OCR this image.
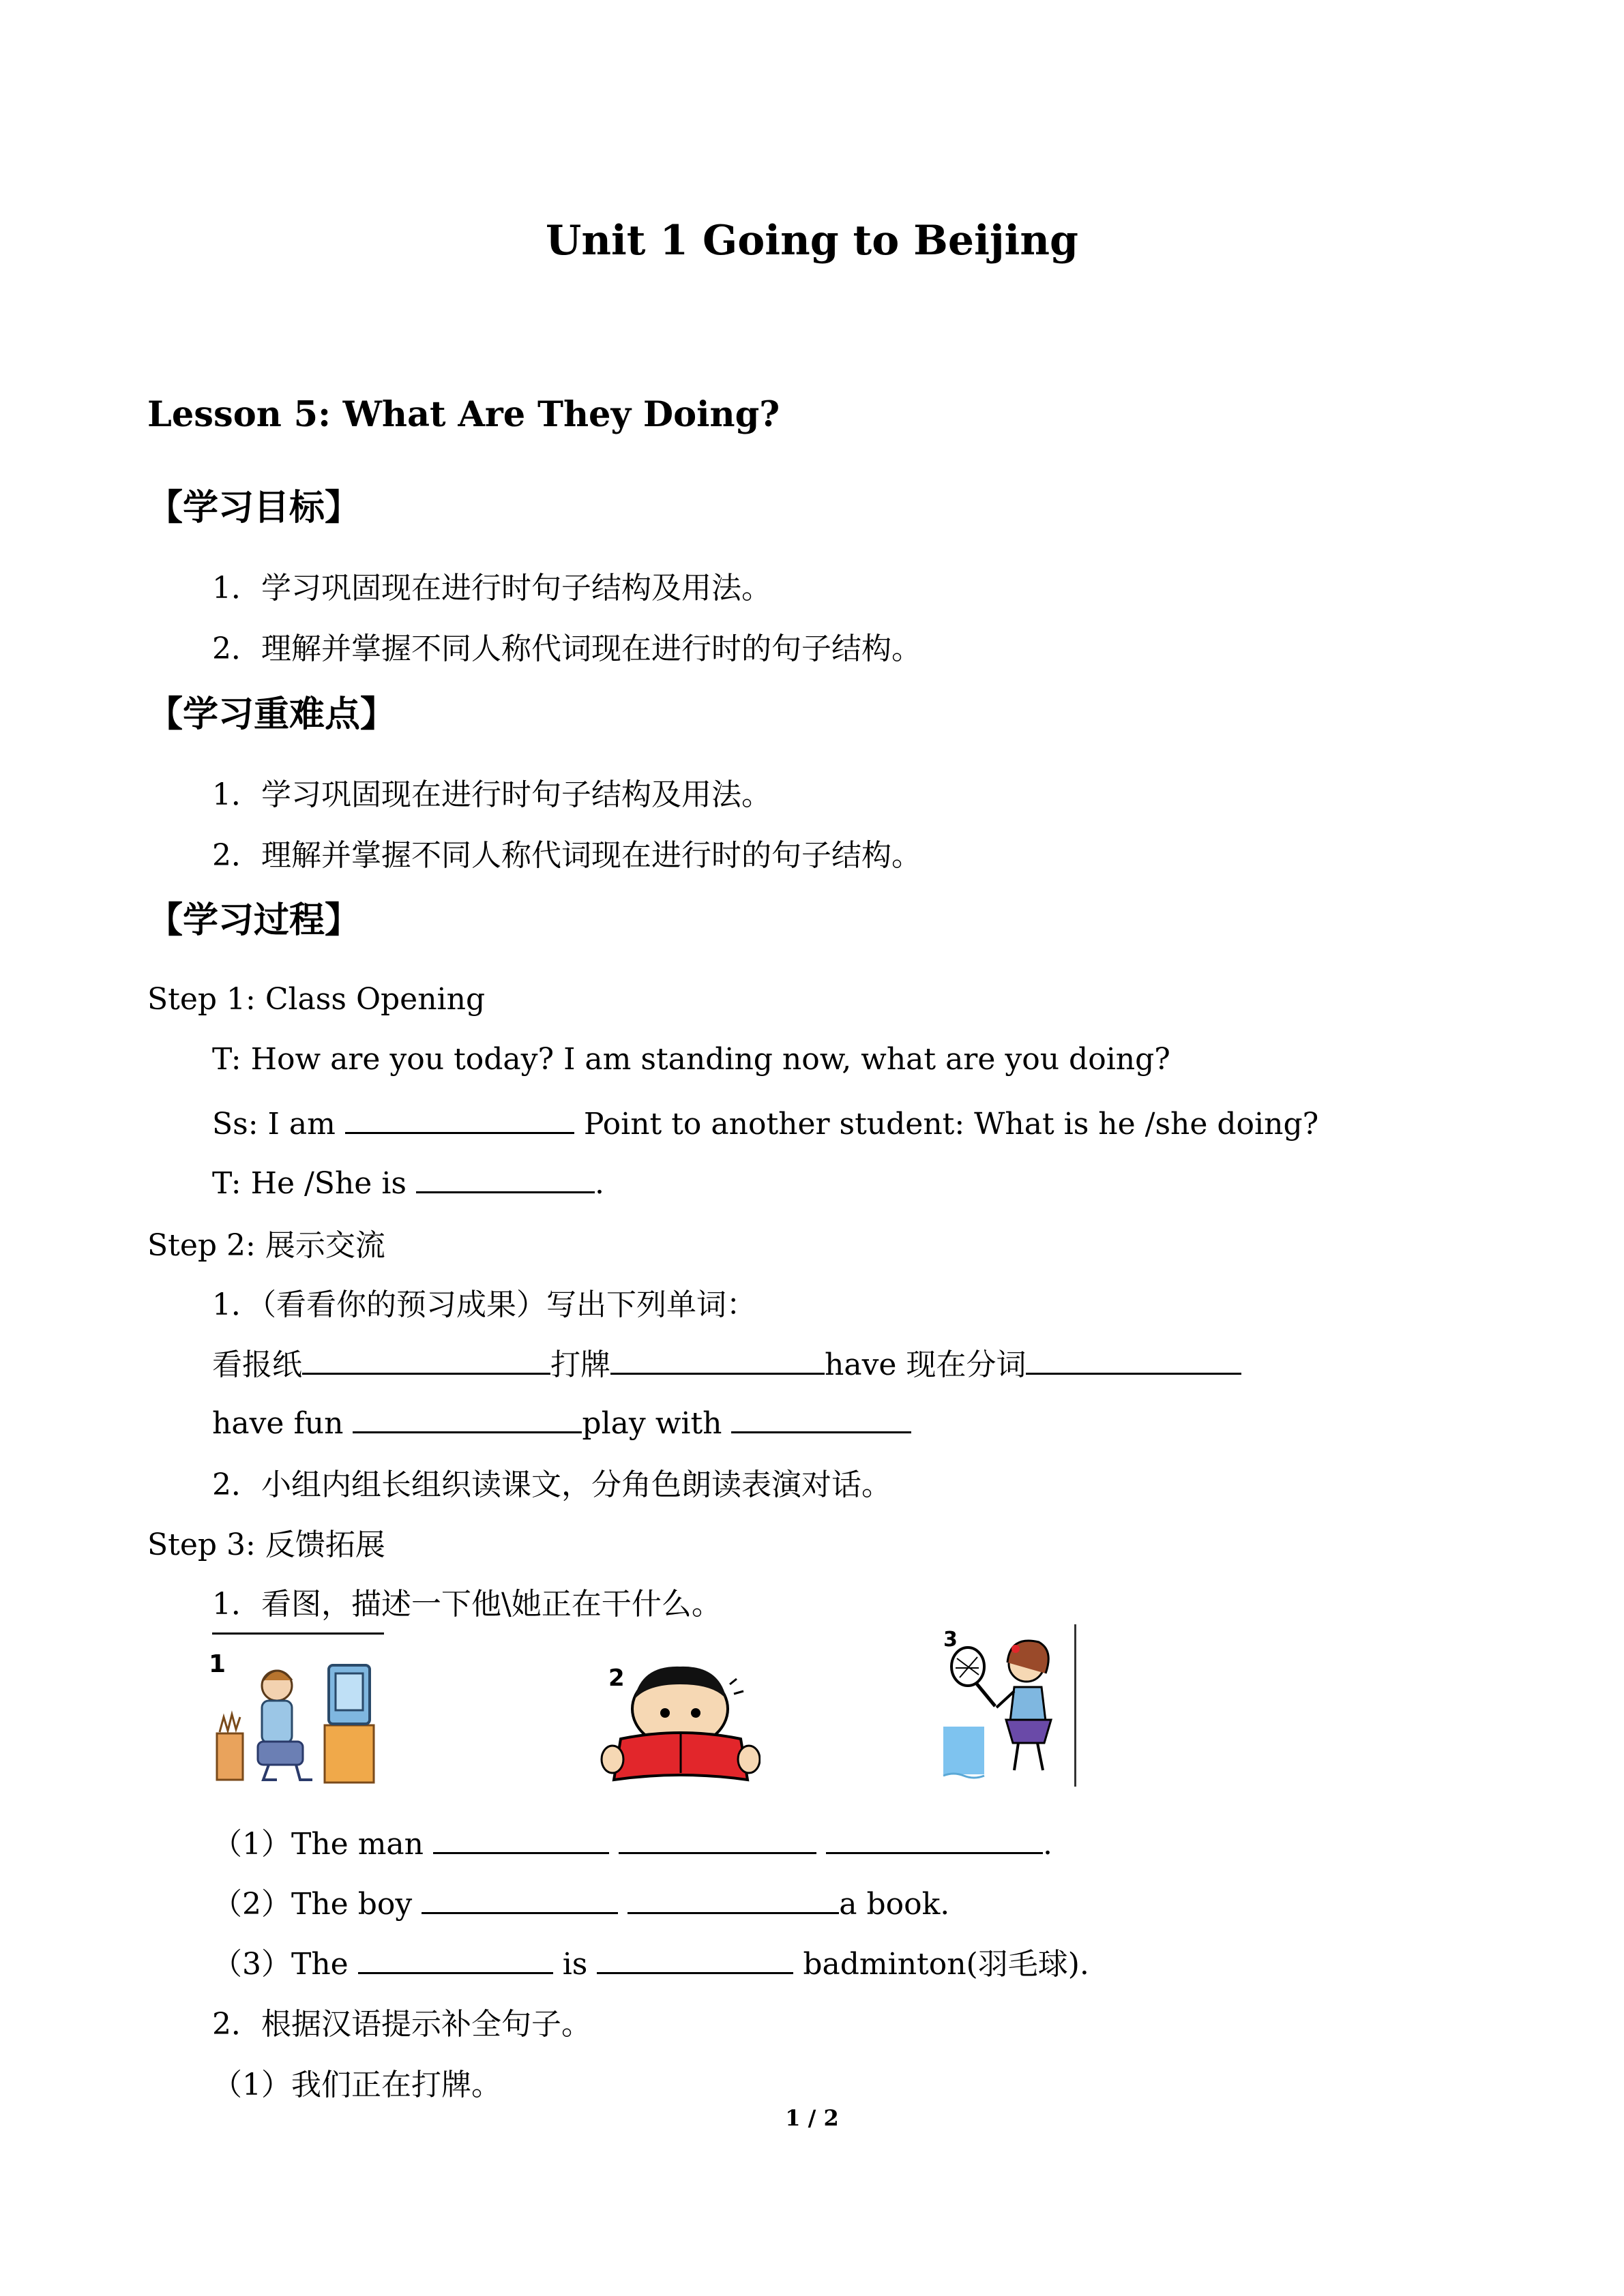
Unit 1 Going to Beijing
Lesson 5: What Are They Doing?
【学习目标】
1．学习巩固现在进行时句子结构及用法。
2．理解并掌握不同人称代词现在进行时的句子结构。
【学习重难点】
1．学习巩固现在进行时句子结构及用法。
2．理解并掌握不同人称代词现在进行时的句子结构。
【学习过程】
Step 1: Class Opening
T: How are you today? I am standing now, what are you doing?
Ss: I am	Point to another student: What is he /she doing?
T: He /She is	.
Step 2: 展示交流
1．（看看你的预习成果）写出下列单词：
看报纸	打牌	have 现在分词
have fun	play with
2．小组内组长组织读课文，分角色朗读表演对话。
Step 3: 反馈拓展
1．看图，描述一下他\她正在干什么。
1	2
3
（1）The man	.
（2）The boy	a book.
（3）The	is	badminton(羽毛球).
2．根据汉语提示补全句子。
（1）我们正在打牌。
1 / 2
